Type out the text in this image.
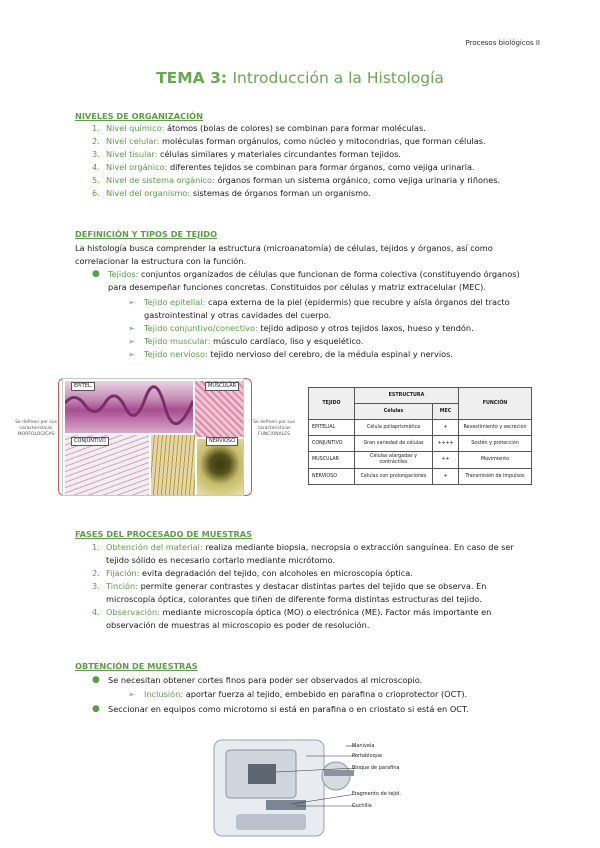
Procesos biológicos II
TEMA 3: Introducción a la Histología
NIVELES DE ORGANIZACIÓN
1. Nivel químico: átomos (bolas de colores) se combinan para formar moléculas.
2. Nivel celular: moléculas forman orgánulos, como núcleo y mitocondrias, que forman células.
3. Nivel tisular: células similares y materiales circundantes forman tejidos.
4. Nivel orgánico: diferentes tejidos se combinan para formar órganos, como vejiga urinaria.
5. Nivel de sistema orgánico: órganos forman un sistema orgánico, como vejiga urinaria y riñones.
6. Nivel del organismo: sistemas de órganos forman un organismo.
DEFINICIÓN Y TIPOS DE TEJIDO
La histología busca comprender la estructura (microanatomía) de células, tejidos y órganos, así como correlacionar la estructura con la función.
● Tejidos: conjuntos organizados de células que funcionan de forma colectiva (constituyendo órganos) para desempeñar funciones concretas. Constituidos por células y matriz extracelular (MEC).
➢ Tejido epitelial: capa externa de la piel (epidermis) que recubre y aísla órganos del tracto gastrointestinal y otras cavidades del cuerpo.
➢ Tejido conjuntivo/conectivo: tejido adiposo y otros tejidos laxos, hueso y tendón.
➢ Tejido muscular: músculo cardíaco, liso y esquelético.
➢ Tejido nervioso: tejido nervioso del cerebro, de la médula espinal y nervios.
Se definen por sus características MORFOLÓGICAS
EPITEL.	MUSCULAR
CONJUNTIVO	NERVIOSO
Se definen por sus características FUNCIONALES
TEJIDO	ESTRUCTURA		FUNCIÓN
	Células	MEC	
EPITELIAL	Célula poliaprismática	+	Revestimiento y secreción
CONJUNTIVO	Gran variedad de células	++++	Sostén y protección
MUSCULAR	Células alargadas y contráctiles	++	Movimiento
NERVIOSO	Células con prolongaciones	+	Transmisión de impulsos
FASES DEL PROCESADO DE MUESTRAS
1. Obtención del material: realiza mediante biopsia, necropsia o extracción sanguínea. En caso de ser tejido sólido es necesario cortarlo mediante micrótomo.
2. Fijación: evita degradación del tejido, con alcoholes en microscopía óptica.
3. Tinción: permite generar contrastes y destacar distintas partes del tejido que se observa. En microscopía óptica, colorantes que tiñen de diferente forma distintas estructuras del tejido.
4. Observación: mediante microscopía óptica (MO) o electrónica (ME). Factor más importante en observación de muestras al microscopio es poder de resolución.
OBTENCIÓN DE MUESTRAS
● Se necesitan obtener cortes finos para poder ser observados al microscopio.
➢ Inclusión: aportar fuerza al tejido, embebido en parafina o crioprotector (OCT).
● Seccionar en equipos como microtomo si está en parafina o en criostato si está en OCT.
Manivela
Portabloque
Bloque de parafina
Fragmento de tejid.
Cuchilla
